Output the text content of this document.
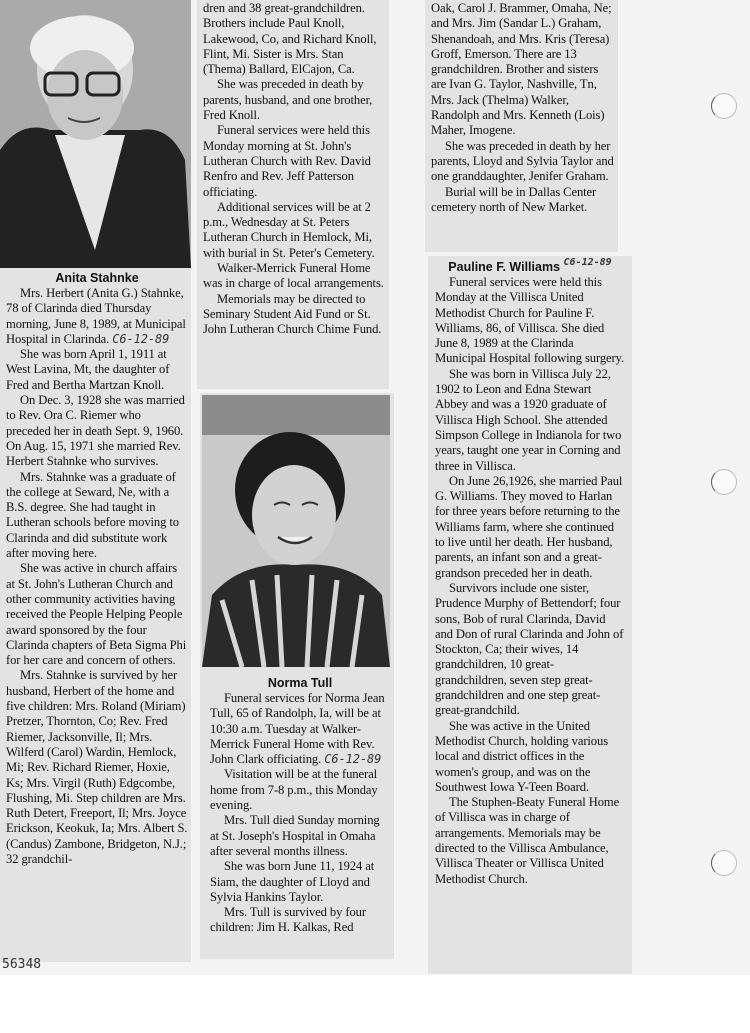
Anita Stahnke

Mrs. Herbert (Anita G.) Stahnke, 78 of Clarinda died Thursday morning, June 8, 1989, at Municipal Hospital in Clarinda. C6-12-89

She was born April 1, 1911 at West Lavina, Mt, the daughter of Fred and Bertha Martzan Knoll.

On Dec. 3, 1928 she was married to Rev. Ora C. Riemer who preceded her in death Sept. 9, 1960. On Aug. 15, 1971 she married Rev. Herbert Stahnke who survives.

Mrs. Stahnke was a graduate of the college at Seward, Ne, with a B.S. degree. She had taught in Lutheran schools before moving to Clarinda and did substitute work after moving here.

She was active in church affairs at St. John's Lutheran Church and other community activities having received the People Helping People award sponsored by the four Clarinda chapters of Beta Sigma Phi for her care and concern of others.

Mrs. Stahnke is survived by her husband, Herbert of the home and five children: Mrs. Roland (Miriam) Pretzer, Thornton, Co; Rev. Fred Riemer, Jacksonville, Il; Mrs. Wilferd (Carol) Wardin, Hemlock, Mi; Rev. Richard Riemer, Hoxie, Ks; Mrs. Virgil (Ruth) Edgcombe, Flushing, Mi. Step children are Mrs. Ruth Detert, Freeport, Il; Mrs. Joyce Erickson, Keokuk, Ia; Mrs. Albert S. (Candus) Zambone, Bridgeton, N.J.; 32 grandchil-

56348

dren and 38 great-grandchildren. Brothers include Paul Knoll, Lakewood, Co, and Richard Knoll, Flint, Mi. Sister is Mrs. Stan (Thema) Ballard, ElCajon, Ca.

She was preceded in death by parents, husband, and one brother, Fred Knoll.

Funeral services were held this Monday morning at St. John's Lutheran Church with Rev. David Renfro and Rev. Jeff Patterson officiating.

Additional services will be at 2 p.m., Wednesday at St. Peters Lutheran Church in Hemlock, Mi, with burial in St. Peter's Cemetery.

Walker-Merrick Funeral Home was in charge of local arrangements.

Memorials may be directed to Seminary Student Aid Fund or St. John Lutheran Church Chime Fund.

Norma Tull

Funeral services for Norma Jean Tull, 65 of Randolph, Ia, will be at 10:30 a.m. Tuesday at Walker-Merrick Funeral Home with Rev. John Clark officiating. C6-12-89

Visitation will be at the funeral home from 7-8 p.m., this Monday evening.

Mrs. Tull died Sunday morning at St. Joseph's Hospital in Omaha after several months illness.

She was born June 11, 1924 at Siam, the daughter of Lloyd and Sylvia Hankins Taylor.

Mrs. Tull is survived by four children: Jim H. Kalkas, Red

Oak, Carol J. Brammer, Omaha, Ne; and Mrs. Jim (Sandar L.) Graham, Shenandoah, and Mrs. Kris (Teresa) Groff, Emerson. There are 13 grandchildren. Brother and sisters are Ivan G. Taylor, Nashville, Tn, Mrs. Jack (Thelma) Walker, Randolph and Mrs. Kenneth (Lois) Maher, Imogene.

She was preceded in death by her parents, Lloyd and Sylvia Taylor and one granddaughter, Jenifer Graham.

Burial will be in Dallas Center cemetery north of New Market.

Pauline F. Williams $^{C6-12-89}$

Funeral services were held this Monday at the Villisca United Methodist Church for Pauline F. Williams, 86, of Villisca. She died June 8, 1989 at the Clarinda Municipal Hospital following surgery.

She was born in Villisca July 22, 1902 to Leon and Edna Stewart Abbey and was a 1920 graduate of Villisca High School. She attended Simpson College in Indianola for two years, taught one year in Corning and three in Villisca.

On June 26,1926, she married Paul G. Williams. They moved to Harlan for three years before returning to the Williams farm, where she continued to live until her death. Her husband, parents, an infant son and a great-grandson preceded her in death.

Survivors include one sister, Prudence Murphy of Bettendorf; four sons, Bob of rural Clarinda, David and Don of rural Clarinda and John of Stockton, Ca; their wives, 14 grandchildren, 10 great-grandchildren, seven step great-grandchildren and one step great-great-grandchild.

She was active in the United Methodist Church, holding various local and district offices in the women's group, and was on the Southwest Iowa Y-Teen Board.

The Stuphen-Beaty Funeral Home of Villisca was in charge of arrangements. Memorials may be directed to the Villisca Ambulance, Villisca Theater or Villisca United Methodist Church.
